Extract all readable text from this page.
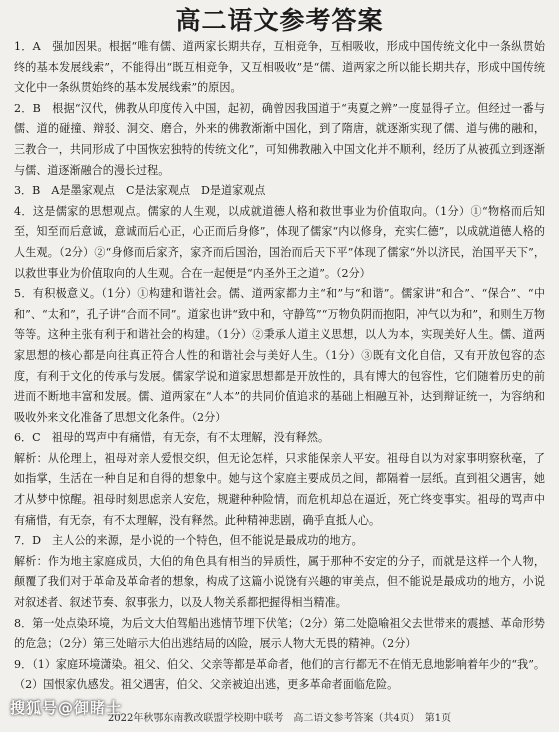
高二语文参考答案

1．A　强加因果。根据“唯有儒、道两家长期共存，互相竞争，互相吸收，形成中国传统文化中一条纵贯始终的基本发展线索”，不能得出“既互相竞争，又互相吸收”是“儒、道两家之所以能长期共存，形成中国传统文化中一条纵贯始终的基本发展线索”的原因。

2．B　根据“汉代，佛教从印度传入中国，起初，确曾因我国道于“夷夏之辨”一度显得孑立。但经过一番与儒、道的碰撞、辩驳、洞交、磨合，外来的佛教渐渐中国化，到了隋唐，就逐渐实现了儒、道与佛的融和，三教合一，共同形成了中国恢宏独特的传统文化”，可知佛教融入中国文化并不顺利，经历了从被孤立到逐渐与儒、道逐渐融合的漫长过程。

3．B　A是墨家观点　C是法家观点　D是道家观点

4．这是儒家的思想观点。儒家的人生观，以成就道德人格和救世事业为价值取向。（1分）①“物格而后知至，知至而后意诚，意诚而后心正，心正而后身修”，体现了儒家“内以修身，充实仁德”，以成就道德人格的人生观。（2分）②“身修而后家齐，家齐而后国治，国治而后天下平”体现了儒家“外以济民，治国平天下”，以救世事业为价值取向的人生观。合在一起便是“内圣外王之道”。（2分）

5．有积极意义。（1分）①构建和谐社会。儒、道两家都力主“和”与“和谐”。儒家讲“和合”、“保合”、“中和”、“太和”，孔子讲“合而不同”。道家也讲“致中和，守静笃”“万物负阴而抱阳，冲气以为和”，和则生万物等等。这种主张有利于和谐社会的构建。（1分）②秉承人道主义思想，以人为本，实现美好人生。儒、道两家思想的核心都是向往真正符合人性的和谐社会与美好人生。（1分）③既有文化自信，又有开放包容的态度，有利于文化的传承与发展。儒家学说和道家思想都是开放性的，具有博大的包容性，它们随着历史的前进而不断地丰富和发展。儒、道两家在“人本”的共同价值追求的基础上相融互补，达到辩证统一，为容纳和吸收外来文化准备了思想文化条件。（2分）

6．C　祖母的骂声中有痛惜，有无奈，有不太理解，没有释然。

解析：从伦理上，祖母对亲人爱恨交织，但无论怎样，只求能保亲人平安。祖母自以为对家事明察秋毫，了如指掌，生活在一种自足和自得的想象中。她与这个家庭主要成员之间，都隔着一层纸。直到祖父遇害，她才从梦中惊醒。祖母时刻思虑亲人安危，规避种种险情，而危机却总在逼近，死亡终变事实。祖母的骂声中有痛惜，有无奈，有不太理解，没有释然。此种精神悲剧，确乎直抵人心。

7．D　主人公的来源，是小说的一个特色，但不能说是最成功的地方。

解析：作为地主家庭成员，大伯的角色具有相当的异质性，属于那种不安定的分子，而就是这样一个人物，颠覆了我们对于革命及革命者的想象，构成了这篇小说饶有兴趣的审美点，但不能说是最成功的地方，小说对叙述者、叙述节奏、叙事张力，以及人物关系都把握得相当精准。

8．第一处点染环境，为后文大伯驾船出逃情节埋下伏笔；（2分）第二处隐喻祖父去世带来的震撼、革命形势的危急；（2分）第三处暗示大伯出逃结局的凶险，展示人物大无畏的精神。（2分）

9．（1）家庭环境潇染。祖父、伯父、父亲等都是革命者，他们的言行都无不在悄无息地影响着年少的“我”。（2）国恨家仇感发。祖父遇害，伯父、父亲被迫出逃，更多革命者面临危险。

2022年秋鄂东南教改联盟学校期中联考　高二语文参考答案（共4页）　第1页
搜狐号@御睹士
